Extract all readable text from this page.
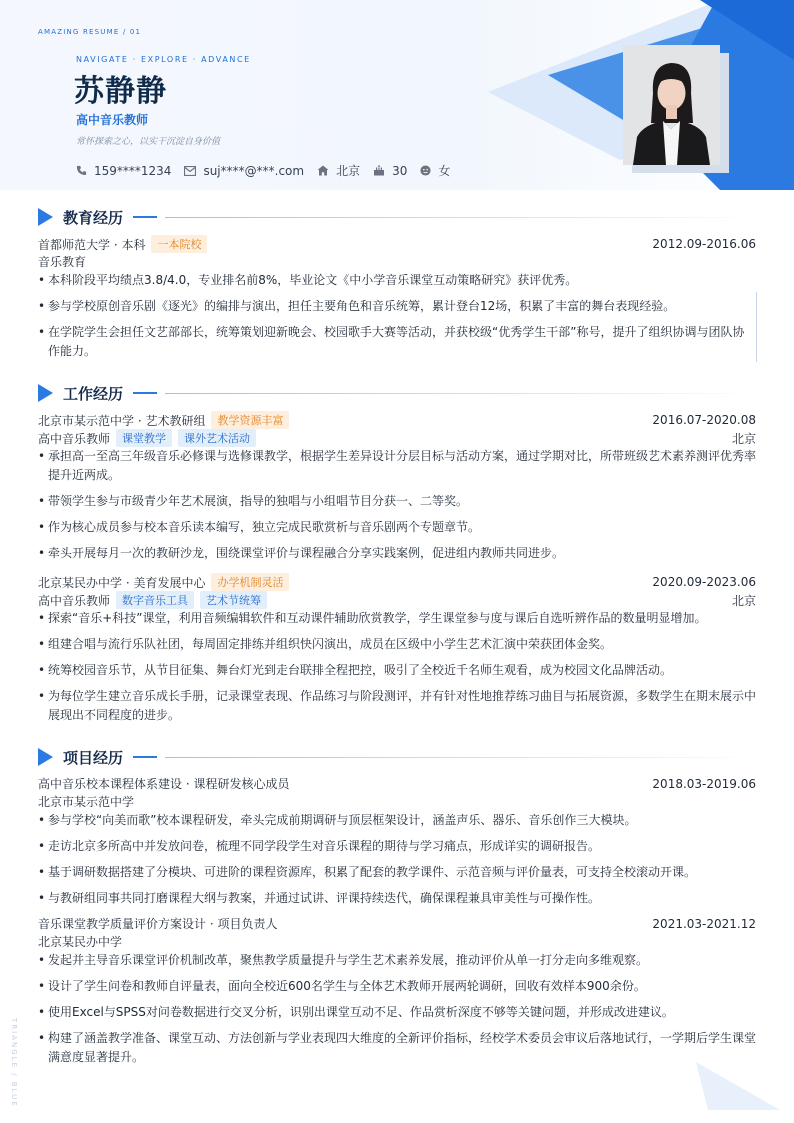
AMAZING RESUME / 01
NAVIGATE · EXPLORE · ADVANCE
苏静静
高中音乐教师
常怀探索之心，以实干沉淀自身价值
159****1234	suj****@***.com	北京	30	女
教育经历
首都师范大学 · 本科	一本院校	2012.09-2016.06
音乐教育
• 本科阶段平均绩点3.8/4.0，专业排名前8%，毕业论文《中小学音乐课堂互动策略研究》获评优秀。
• 参与学校原创音乐剧《逐光》的编排与演出，担任主要角色和音乐统筹，累计登台12场，积累了丰富的舞台表现经验。
• 在学院学生会担任文艺部部长，统筹策划迎新晚会、校园歌手大赛等活动，并获校级“优秀学生干部”称号，提升了组织协调与团队协作能力。
工作经历
北京市某示范中学 · 艺术教研组	教学资源丰富	2016.07-2020.08
高中音乐教师	课堂教学	课外艺术活动	北京
• 承担高一至高三年级音乐必修课与选修课教学，根据学生差异设计分层目标与活动方案，通过学期对比，所带班级艺术素养测评优秀率提升近两成。
• 带领学生参与市级青少年艺术展演，指导的独唱与小组唱节目分获一、二等奖。
• 作为核心成员参与校本音乐读本编写，独立完成民歌赏析与音乐剧两个专题章节。
• 牵头开展每月一次的教研沙龙，围绕课堂评价与课程融合分享实践案例，促进组内教师共同进步。
北京某民办中学 · 美育发展中心	办学机制灵活	2020.09-2023.06
高中音乐教师	数字音乐工具	艺术节统筹	北京
• 探索“音乐+科技”课堂，利用音频编辑软件和互动课件辅助欣赏教学，学生课堂参与度与课后自选听辨作品的数量明显增加。
• 组建合唱与流行乐队社团，每周固定排练并组织快闪演出，成员在区级中小学生艺术汇演中荣获团体金奖。
• 统筹校园音乐节，从节目征集、舞台灯光到走台联排全程把控，吸引了全校近千名师生观看，成为校园文化品牌活动。
• 为每位学生建立音乐成长手册，记录课堂表现、作品练习与阶段测评，并有针对性地推荐练习曲目与拓展资源，多数学生在期末展示中展现出不同程度的进步。
项目经历
高中音乐校本课程体系建设 · 课程研发核心成员	2018.03-2019.06
北京市某示范中学
• 参与学校“向美而歌”校本课程研发，牵头完成前期调研与顶层框架设计，涵盖声乐、器乐、音乐创作三大模块。
• 走访北京多所高中并发放问卷，梳理不同学段学生对音乐课程的期待与学习痛点，形成详实的调研报告。
• 基于调研数据搭建了分模块、可进阶的课程资源库，积累了配套的教学课件、示范音频与评价量表，可支持全校滚动开课。
• 与教研组同事共同打磨课程大纲与教案，并通过试讲、评课持续迭代，确保课程兼具审美性与可操作性。
音乐课堂教学质量评价方案设计 · 项目负责人	2021.03-2021.12
北京某民办中学
• 发起并主导音乐课堂评价机制改革，聚焦教学质量提升与学生艺术素养发展，推动评价从单一打分走向多维观察。
• 设计了学生问卷和教师自评量表，面向全校近600名学生与全体艺术教师开展两轮调研，回收有效样本900余份。
• 使用Excel与SPSS对问卷数据进行交叉分析，识别出课堂互动不足、作品赏析深度不够等关键问题，并形成改进建议。
• 构建了涵盖教学准备、课堂互动、方法创新与学业表现四大维度的全新评价指标，经校学术委员会审议后落地试行，一学期后学生课堂满意度显著提升。
TRIANGLE / BLUE
